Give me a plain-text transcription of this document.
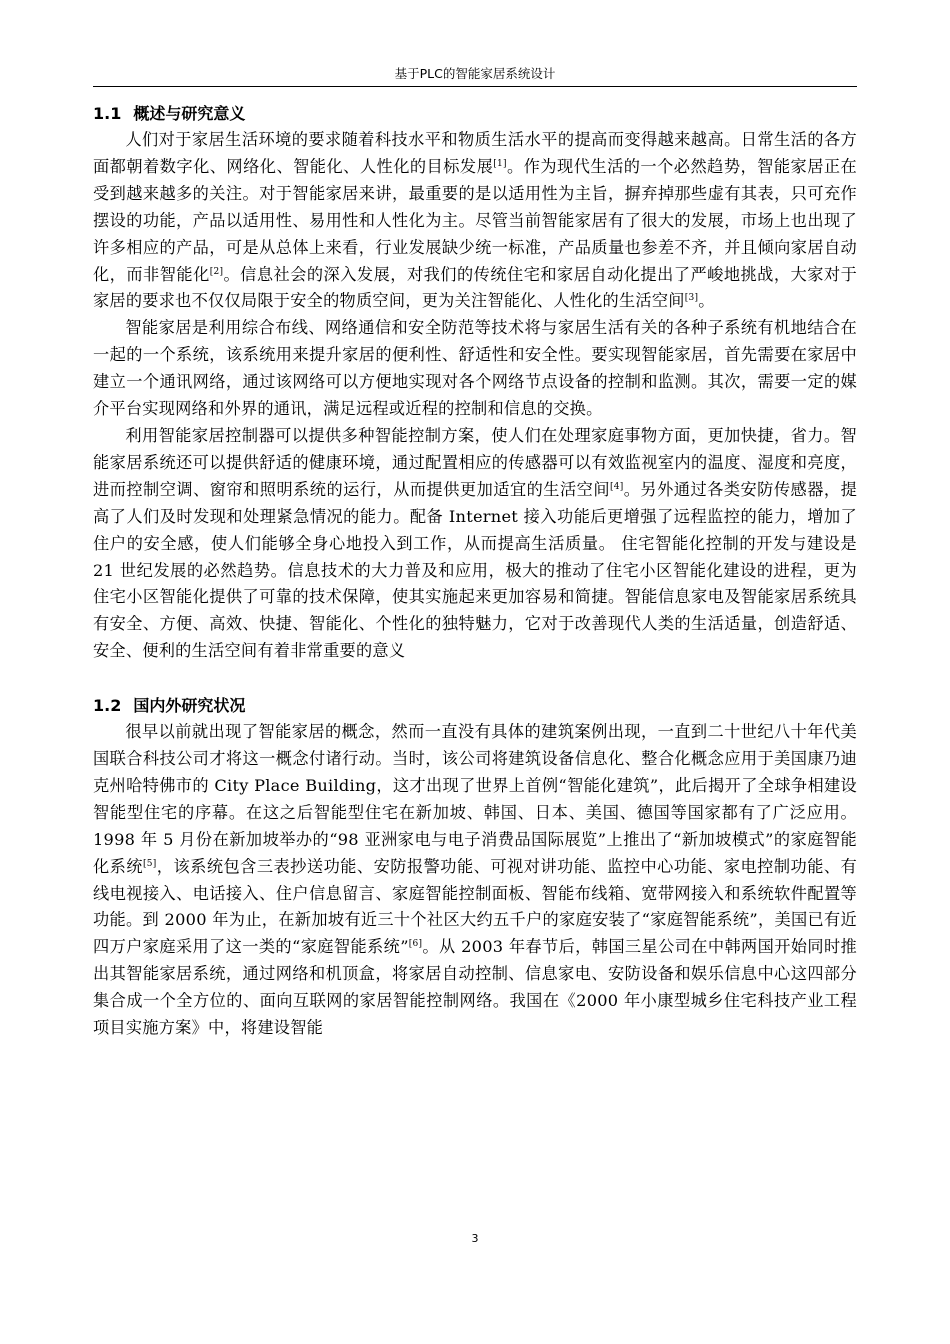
基于PLC的智能家居系统设计
1.1 概述与研究意义

人们对于家居生活环境的要求随着科技水平和物质生活水平的提高而变得越来越高。日常生活的各方面都朝着数字化、网络化、智能化、人性化的目标发展[1]。作为现代生活的一个必然趋势，智能家居正在受到越来越多的关注。对于智能家居来讲，最重要的是以适用性为主旨，摒弃掉那些虚有其表，只可充作摆设的功能，产品以适用性、易用性和人性化为主。尽管当前智能家居有了很大的发展，市场上也出现了许多相应的产品，可是从总体上来看，行业发展缺少统一标准，产品质量也参差不齐，并且倾向家居自动化，而非智能化[2]。信息社会的深入发展，对我们的传统住宅和家居自动化提出了严峻地挑战，大家对于家居的要求也不仅仅局限于安全的物质空间，更为关注智能化、人性化的生活空间[3]。

智能家居是利用综合布线、网络通信和安全防范等技术将与家居生活有关的各种子系统有机地结合在一起的一个系统，该系统用来提升家居的便利性、舒适性和安全性。要实现智能家居，首先需要在家居中建立一个通讯网络，通过该网络可以方便地实现对各个网络节点设备的控制和监测。其次，需要一定的媒介平台实现网络和外界的通讯，满足远程或近程的控制和信息的交换。

利用智能家居控制器可以提供多种智能控制方案，使人们在处理家庭事物方面，更加快捷，省力。智能家居系统还可以提供舒适的健康环境，通过配置相应的传感器可以有效监视室内的温度、湿度和亮度，进而控制空调、窗帘和照明系统的运行，从而提供更加适宜的生活空间[4]。另外通过各类安防传感器，提高了人们及时发现和处理紧急情况的能力。配备 Internet 接入功能后更增强了远程监控的能力，增加了住户的安全感，使人们能够全身心地投入到工作，从而提高生活质量。 住宅智能化控制的开发与建设是 21 世纪发展的必然趋势。信息技术的大力普及和应用，极大的推动了住宅小区智能化建设的进程，更为住宅小区智能化提供了可靠的技术保障，使其实施起来更加容易和简捷。智能信息家电及智能家居系统具有安全、方便、高效、快捷、智能化、个性化的独特魅力，它对于改善现代人类的生活适量，创造舒适、安全、便利的生活空间有着非常重要的意义

1.2 国内外研究状况

很早以前就出现了智能家居的概念，然而一直没有具体的建筑案例出现，一直到二十世纪八十年代美国联合科技公司才将这一概念付诸行动。当时，该公司将建筑设备信息化、整合化概念应用于美国康乃迪克州哈特佛市的 City Place Building，这才出现了世界上首例“智能化建筑”，此后揭开了全球争相建设智能型住宅的序幕。在这之后智能型住宅在新加坡、韩国、日本、美国、德国等国家都有了广泛应用。1998 年 5 月份在新加坡举办的“98 亚洲家电与电子消费品国际展览”上推出了“新加坡模式”的家庭智能化系统[5]，该系统包含三表抄送功能、安防报警功能、可视对讲功能、监控中心功能、家电控制功能、有线电视接入、电话接入、住户信息留言、家庭智能控制面板、智能布线箱、宽带网接入和系统软件配置等功能。到 2000 年为止，在新加坡有近三十个社区大约五千户的家庭安装了“家庭智能系统”，美国已有近四万户家庭采用了这一类的“家庭智能系统”[6]。从 2003 年春节后，韩国三星公司在中韩两国开始同时推出其智能家居系统，通过网络和机顶盒，将家居自动控制、信息家电、安防设备和娱乐信息中心这四部分集合成一个全方位的、面向互联网的家居智能控制网络。我国在《2000 年小康型城乡住宅科技产业工程项目实施方案》中，将建设智能

3
